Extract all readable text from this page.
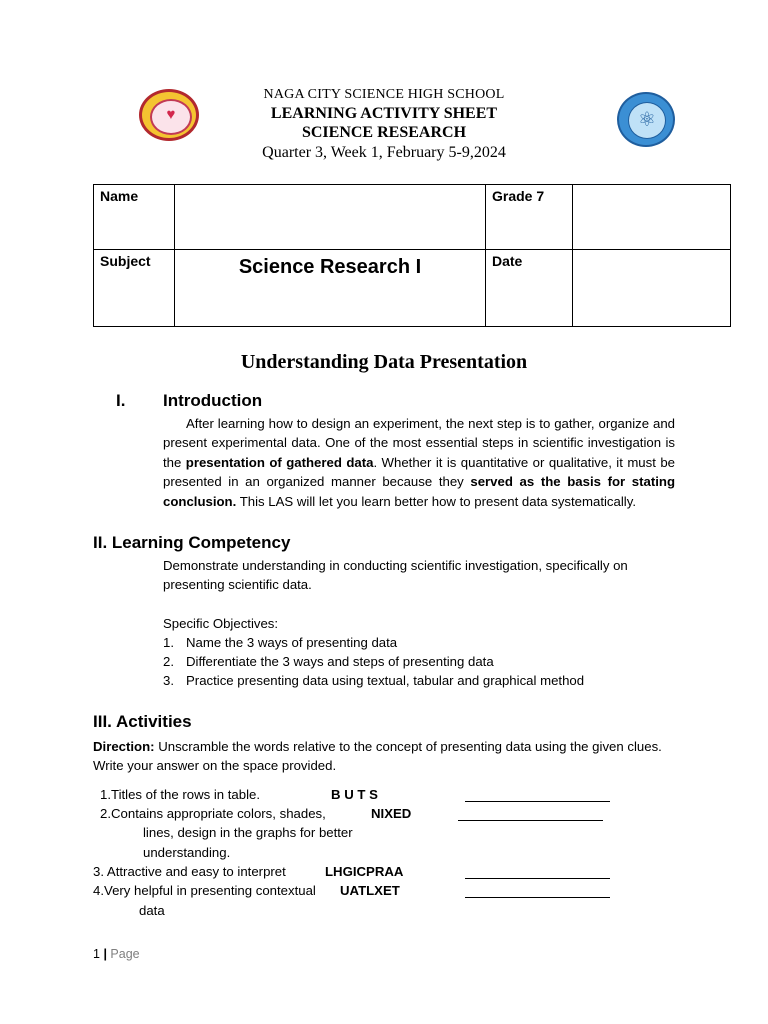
♥	⚛
NAGA CITY SCIENCE HIGH SCHOOL
LEARNING ACTIVITY SHEET
SCIENCE RESEARCH
Quarter 3, Week 1, February 5-9,2024
Name		Grade 7	
Subject	Science Research I	Date	
Understanding Data Presentation
I. Introduction
After learning how to design an experiment, the next step is to gather, organize and present experimental data. One of the most essential steps in scientific investigation is the presentation of gathered data. Whether it is quantitative or qualitative, it must be presented in an organized manner because they served as the basis for stating conclusion. This LAS will let you learn better how to present data systematically.
II. Learning Competency
Demonstrate understanding in conducting scientific investigation, specifically on presenting scientific data.
Specific Objectives:
1. Name the 3 ways of presenting data
2. Differentiate the 3 ways and steps of presenting data
3. Practice presenting data using textual, tabular and graphical method
III. Activities
Direction: Unscramble the words relative to the concept of presenting data using the given clues. Write your answer on the space provided.
1.Titles of the rows in table.	B U T S
2.Contains appropriate colors, shades,	NIXED
lines, design in the graphs for better
understanding.
3. Attractive and easy to interpret	LHGICPRAA
4.Very helpful in presenting contextual UATLXET
data
1 | Page
